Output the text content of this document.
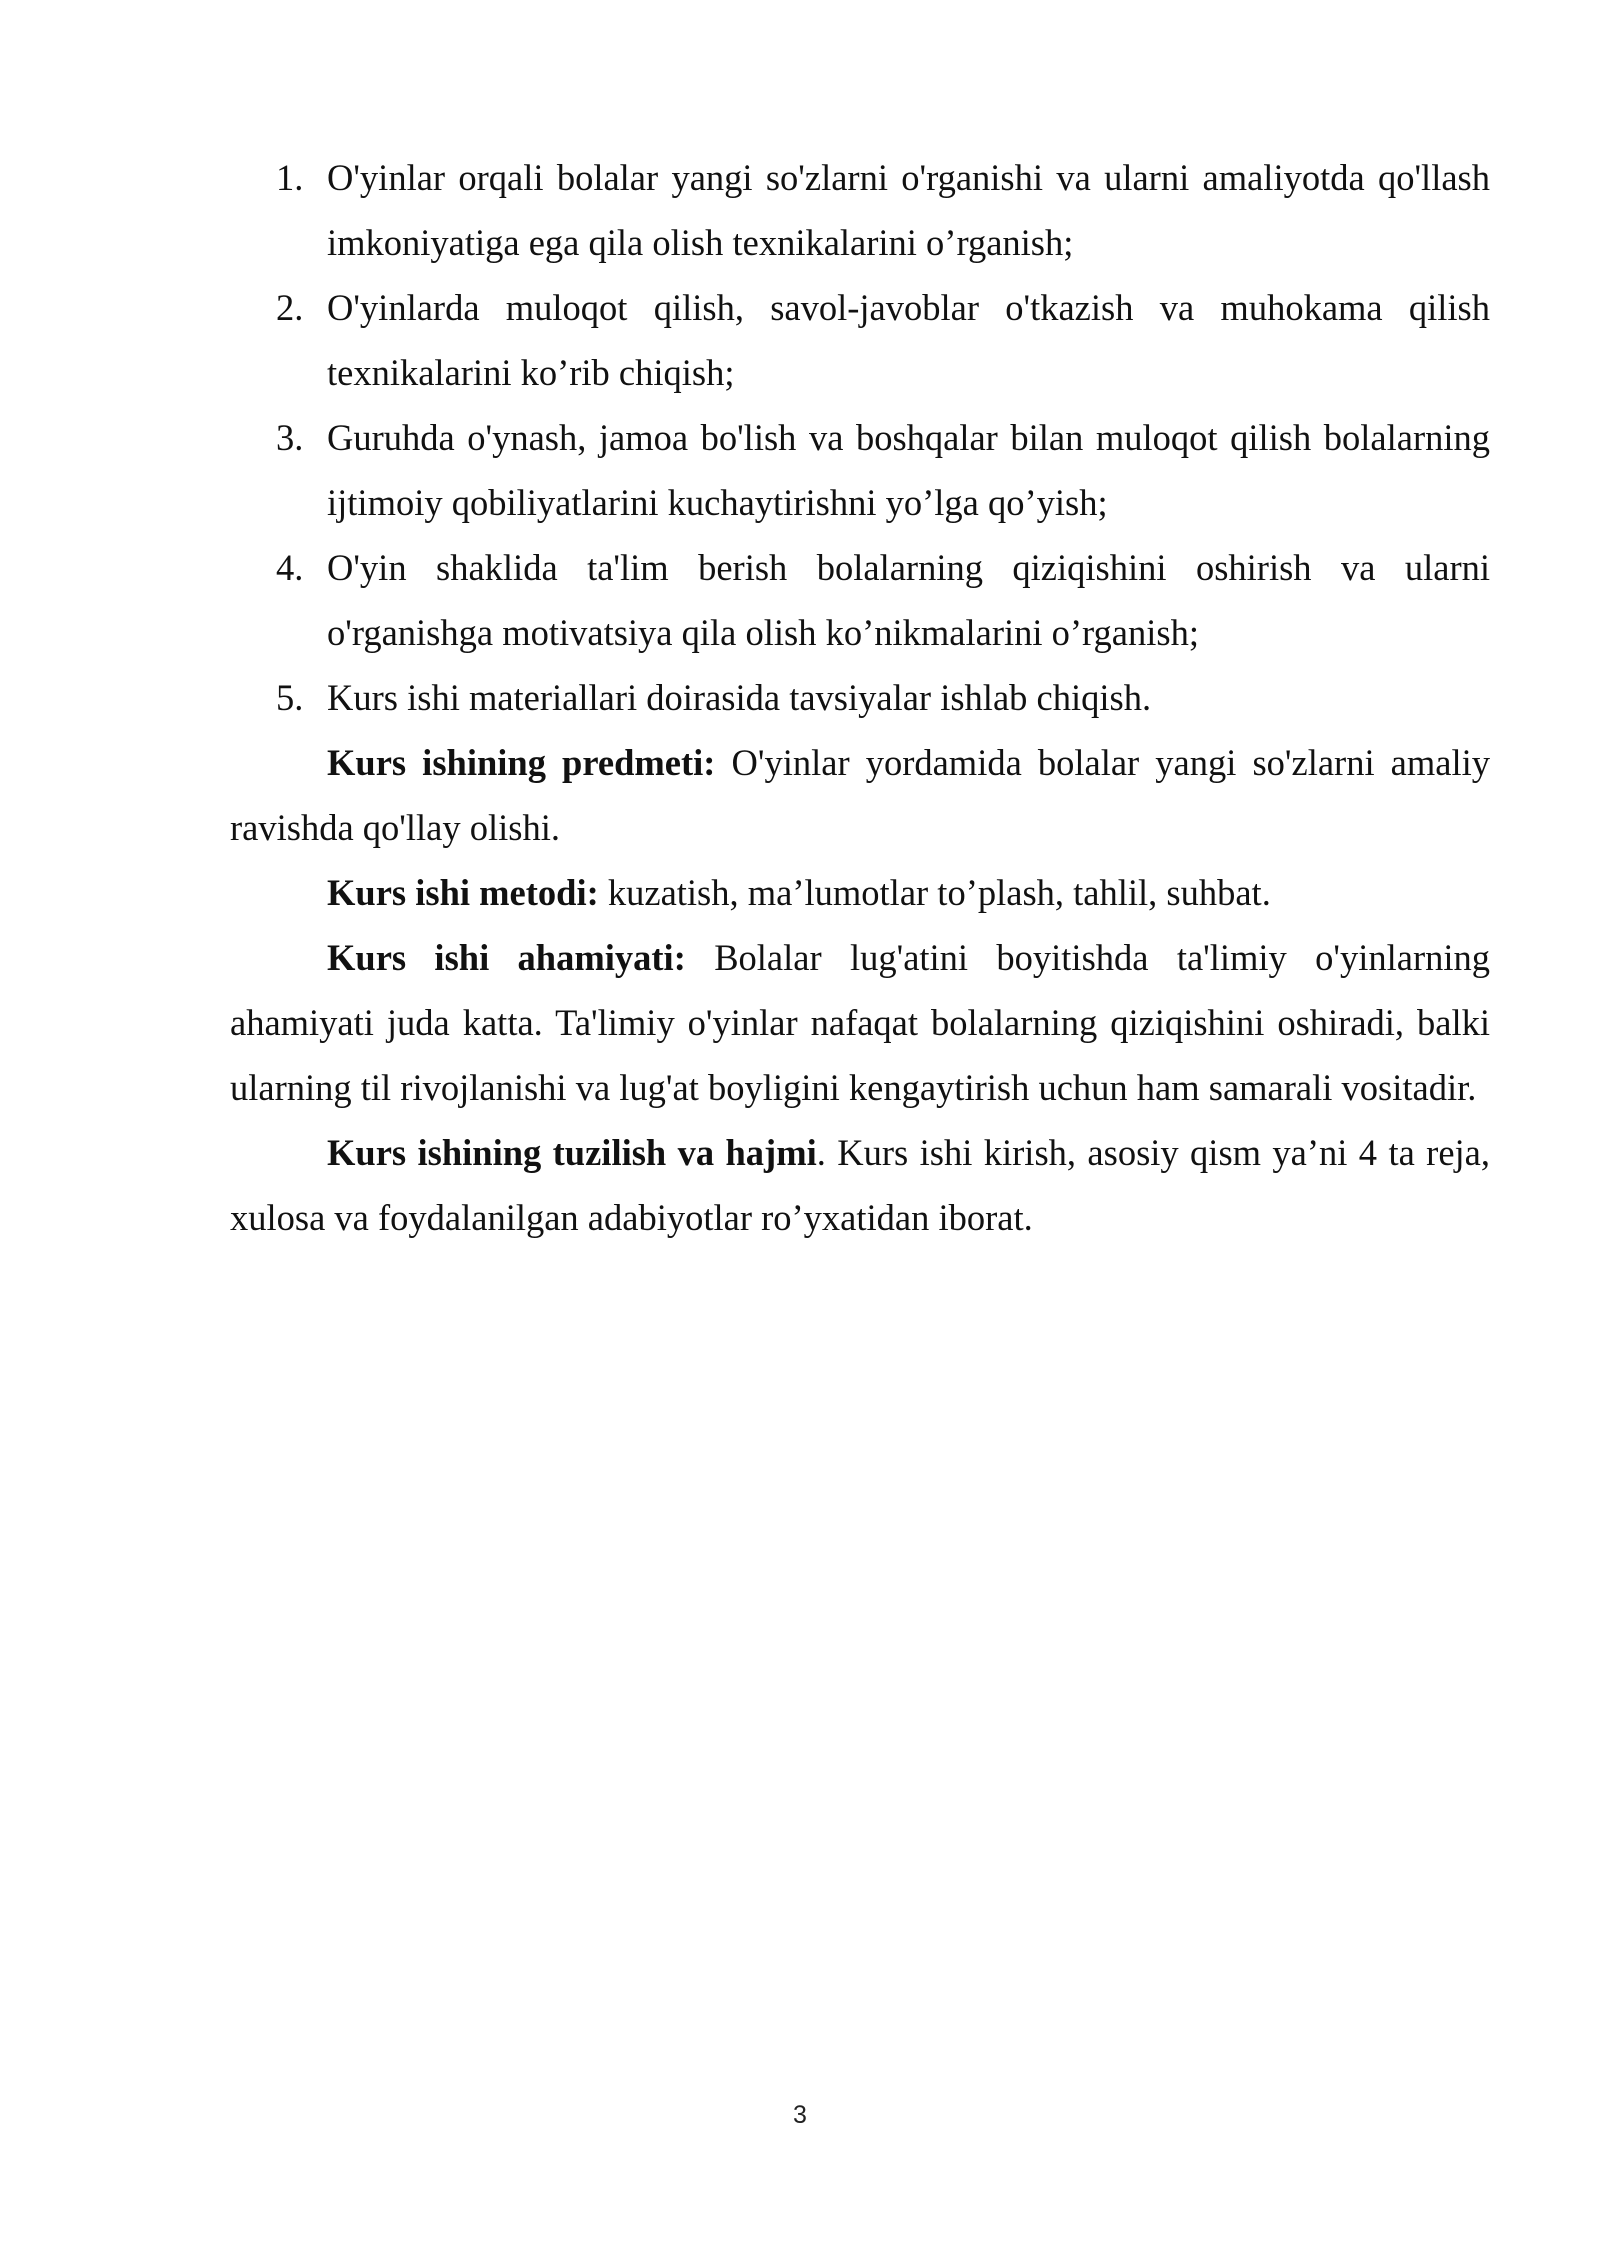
1. O'yinlar orqali bolalar yangi so'zlarni o'rganishi va ularni amaliyotda qo'llash imkoniyatiga ega qila olish texnikalarini o’rganish;
2. O'yinlarda muloqot qilish, savol-javoblar o'tkazish va muhokama qilish texnikalarini ko’rib chiqish;
3. Guruhda o'ynash, jamoa bo'lish va boshqalar bilan muloqot qilish bolalarning ijtimoiy qobiliyatlarini kuchaytirishni yo’lga qo’yish;
4. O'yin shaklida ta'lim berish bolalarning qiziqishini oshirish va ularni o'rganishga motivatsiya qila olish ko’nikmalarini o’rganish;
5. Kurs ishi materiallari doirasida tavsiyalar ishlab chiqish.

Kurs ishining predmeti: O'yinlar yordamida bolalar yangi so'zlarni amaliy ravishda qo'llay olishi.

Kurs ishi metodi: kuzatish, ma’lumotlar to’plash, tahlil, suhbat.

Kurs ishi ahamiyati: Bolalar lug'atini boyitishda ta'limiy o'yinlarning ahamiyati juda katta. Ta'limiy o'yinlar nafaqat bolalarning qiziqishini oshiradi, balki ularning til rivojlanishi va lug'at boyligini kengaytirish uchun ham samarali vositadir.

Kurs ishining tuzilish va hajmi. Kurs ishi kirish, asosiy qism ya’ni 4 ta reja, xulosa va foydalanilgan adabiyotlar ro’yxatidan iborat.

3
